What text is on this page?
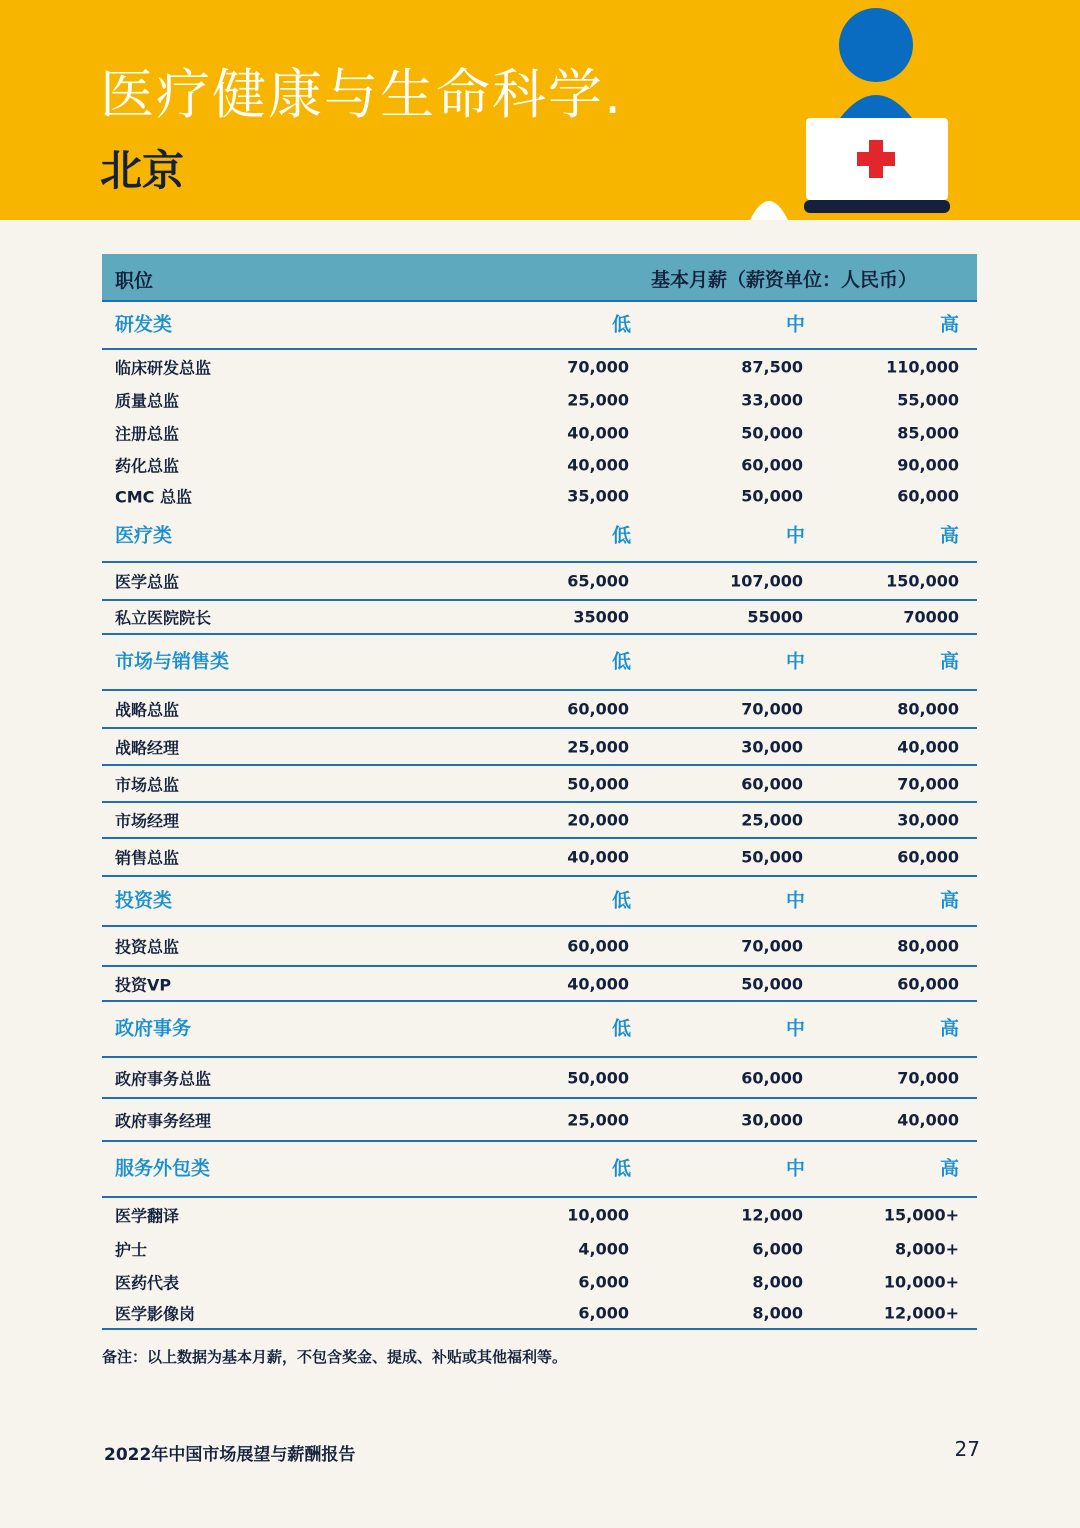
医疗健康与生命科学.
北京
职位	基本月薪（薪资单位：人民币）
研发类	低	中	高
临床研发总监	70,000	87,500	110,000
质量总监	25,000	33,000	55,000
注册总监	40,000	50,000	85,000
药化总监	40,000	60,000	90,000
CMC 总监	35,000	50,000	60,000
医疗类	低	中	高
医学总监	65,000	107,000	150,000
私立医院院长	35000	55000	70000
市场与销售类	低	中	高
战略总监	60,000	70,000	80,000
战略经理	25,000	30,000	40,000
市场总监	50,000	60,000	70,000
市场经理	20,000	25,000	30,000
销售总监	40,000	50,000	60,000
投资类	低	中	高
投资总监	60,000	70,000	80,000
投资VP	40,000	50,000	60,000
政府事务	低	中	高
政府事务总监	50,000	60,000	70,000
政府事务经理	25,000	30,000	40,000
服务外包类	低	中	高
医学翻译	10,000	12,000	15,000+
护士	4,000	6,000	8,000+
医药代表	6,000	8,000	10,000+
医学影像岗	6,000	8,000	12,000+
备注：以上数据为基本月薪，不包含奖金、提成、补贴或其他福利等。
2022年中国市场展望与薪酬报告	27
